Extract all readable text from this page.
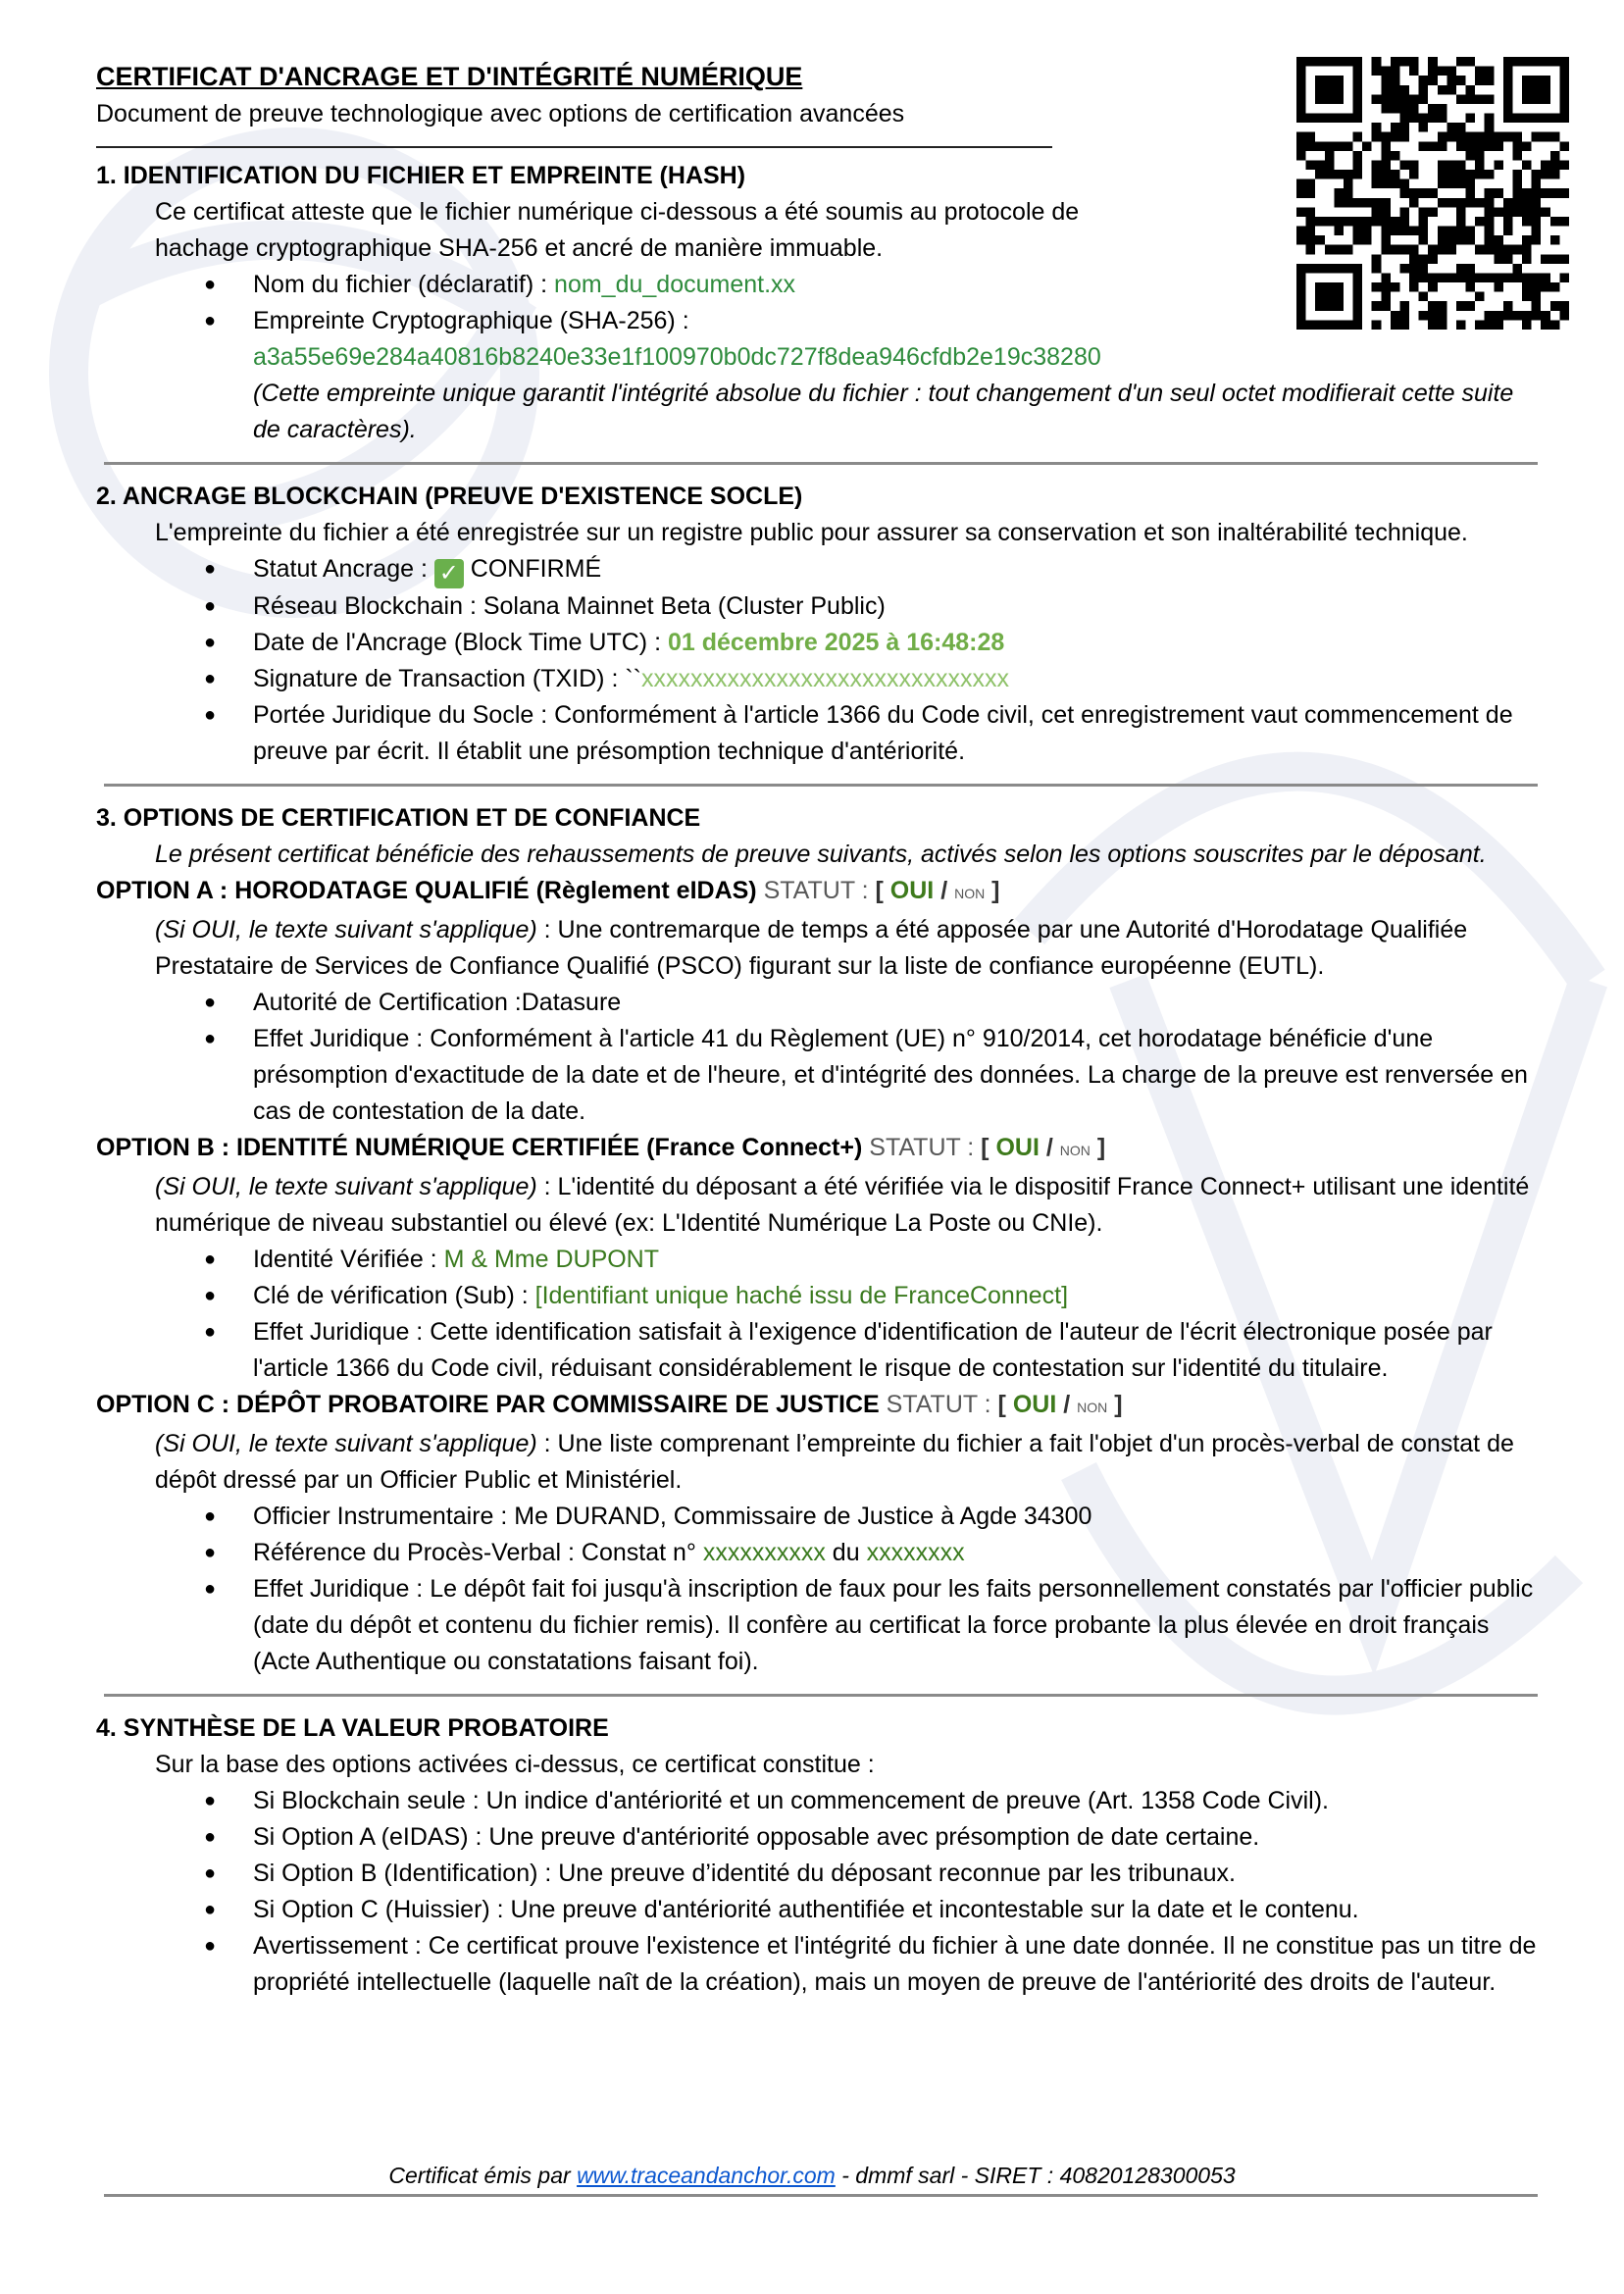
CERTIFICAT D'ANCRAGE ET D'INTÉGRITÉ NUMÉRIQUE
Document de preuve technologique avec options de certification avancées
1. IDENTIFICATION DU FICHIER ET EMPREINTE (HASH)
Ce certificat atteste que le fichier numérique ci-dessous a été soumis au protocole de
hachage cryptographique SHA-256 et ancré de manière immuable.
● Nom du fichier (déclaratif) : nom_du_document.xx
● Empreinte Cryptographique (SHA-256) :
a3a55e69e284a40816b8240e33e1f100970b0dc727f8dea946cfdb2e19c38280
(Cette empreinte unique garantit l'intégrité absolue du fichier : tout changement d'un seul octet modifierait cette suite de caractères).
2. ANCRAGE BLOCKCHAIN (PREUVE D'EXISTENCE SOCLE)
L'empreinte du fichier a été enregistrée sur un registre public pour assurer sa conservation et son inaltérabilité technique.
● Statut Ancrage : ✓ CONFIRMÉ
● Réseau Blockchain : Solana Mainnet Beta (Cluster Public)
● Date de l'Ancrage (Block Time UTC) : 01 décembre 2025 à 16:48:28
● Signature de Transaction (TXID) : ``xxxxxxxxxxxxxxxxxxxxxxxxxxxxxx
● Portée Juridique du Socle : Conformément à l'article 1366 du Code civil, cet enregistrement vaut commencement de preuve par écrit. Il établit une présomption technique d'antériorité.
3. OPTIONS DE CERTIFICATION ET DE CONFIANCE
Le présent certificat bénéficie des rehaussements de preuve suivants, activés selon les options souscrites par le déposant.
OPTION A : HORODATAGE QUALIFIÉ (Règlement eIDAS) STATUT : [ OUI / NON ]
(Si OUI, le texte suivant s'applique) : Une contremarque de temps a été apposée par une Autorité d'Horodatage Qualifiée Prestataire de Services de Confiance Qualifié (PSCO) figurant sur la liste de confiance européenne (EUTL).
● Autorité de Certification :Datasure
● Effet Juridique : Conformément à l'article 41 du Règlement (UE) n° 910/2014, cet horodatage bénéficie d'une présomption d'exactitude de la date et de l'heure, et d'intégrité des données. La charge de la preuve est renversée en cas de contestation de la date.
OPTION B : IDENTITÉ NUMÉRIQUE CERTIFIÉE (France Connect+) STATUT : [ OUI / NON ]
(Si OUI, le texte suivant s'applique) : L'identité du déposant a été vérifiée via le dispositif France Connect+ utilisant une identité numérique de niveau substantiel ou élevé (ex: L'Identité Numérique La Poste ou CNIe).
● Identité Vérifiée : M & Mme DUPONT
● Clé de vérification (Sub) : [Identifiant unique haché issu de FranceConnect]
● Effet Juridique : Cette identification satisfait à l'exigence d'identification de l'auteur de l'écrit électronique posée par l'article 1366 du Code civil, réduisant considérablement le risque de contestation sur l'identité du titulaire.
OPTION C : DÉPÔT PROBATOIRE PAR COMMISSAIRE DE JUSTICE STATUT : [ OUI / NON ]
(Si OUI, le texte suivant s'applique) : Une liste comprenant l’empreinte du fichier a fait l'objet d'un procès-verbal de constat de dépôt dressé par un Officier Public et Ministériel.
● Officier Instrumentaire : Me DURAND, Commissaire de Justice à Agde 34300
● Référence du Procès-Verbal : Constat n° xxxxxxxxxx du xxxxxxxx
● Effet Juridique : Le dépôt fait foi jusqu'à inscription de faux pour les faits personnellement constatés par l'officier public (date du dépôt et contenu du fichier remis). Il confère au certificat la force probante la plus élevée en droit français (Acte Authentique ou constatations faisant foi).
4. SYNTHÈSE DE LA VALEUR PROBATOIRE
Sur la base des options activées ci-dessus, ce certificat constitue :
● Si Blockchain seule : Un indice d'antériorité et un commencement de preuve (Art. 1358 Code Civil).
● Si Option A (eIDAS) : Une preuve d'antériorité opposable avec présomption de date certaine.
● Si Option B (Identification) : Une preuve d’identité du déposant reconnue par les tribunaux.
● Si Option C (Huissier) : Une preuve d'antériorité authentifiée et incontestable sur la date et le contenu.
● Avertissement : Ce certificat prouve l'existence et l'intégrité du fichier à une date donnée. Il ne constitue pas un titre de propriété intellectuelle (laquelle naît de la création), mais un moyen de preuve de l'antériorité des droits de l'auteur.
Certificat émis par www.traceandanchor.com - dmmf sarl - SIRET : 40820128300053
